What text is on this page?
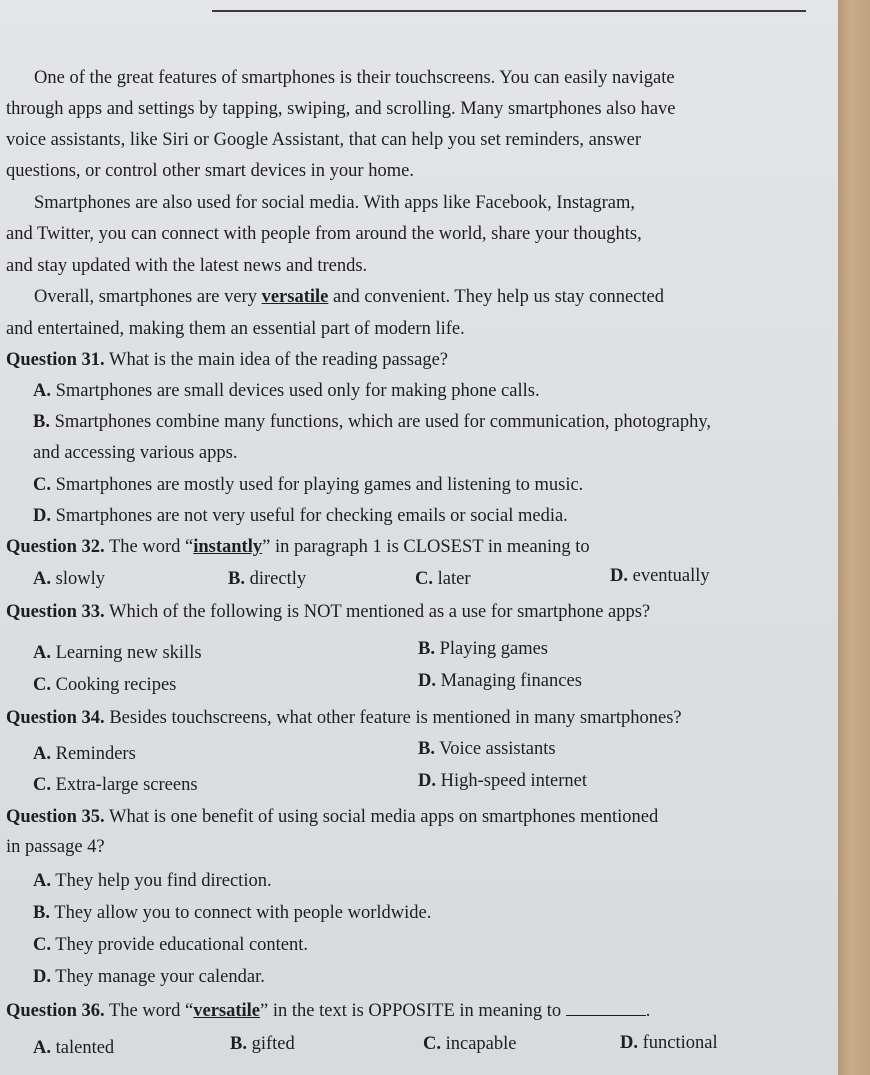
One of the great features of smartphones is their touchscreens. You can easily navigate
through apps and settings by tapping, swiping, and scrolling. Many smartphones also have
voice assistants, like Siri or Google Assistant, that can help you set reminders, answer
questions, or control other smart devices in your home.
Smartphones are also used for social media. With apps like Facebook, Instagram,
and Twitter, you can connect with people from around the world, share your thoughts,
and stay updated with the latest news and trends.
Overall, smartphones are very versatile and convenient. They help us stay connected
and entertained, making them an essential part of modern life.
Question 31. What is the main idea of the reading passage?
A. Smartphones are small devices used only for making phone calls.
B. Smartphones combine many functions, which are used for communication, photography,
and accessing various apps.
C. Smartphones are mostly used for playing games and listening to music.
D. Smartphones are not very useful for checking emails or social media.
Question 32. The word “instantly” in paragraph 1 is CLOSEST in meaning to
A. slowly	B. directly	C. later	D. eventually
Question 33. Which of the following is NOT mentioned as a use for smartphone apps?
A. Learning new skills	B. Playing games
C. Cooking recipes	D. Managing finances
Question 34. Besides touchscreens, what other feature is mentioned in many smartphones?
A. Reminders	B. Voice assistants
C. Extra-large screens	D. High-speed internet
Question 35. What is one benefit of using social media apps on smartphones mentioned
in passage 4?
A. They help you find direction.
B. They allow you to connect with people worldwide.
C. They provide educational content.
D. They manage your calendar.
Question 36. The word “versatile” in the text is OPPOSITE in meaning to	.
A. talented	B. gifted	C. incapable	D. functional
